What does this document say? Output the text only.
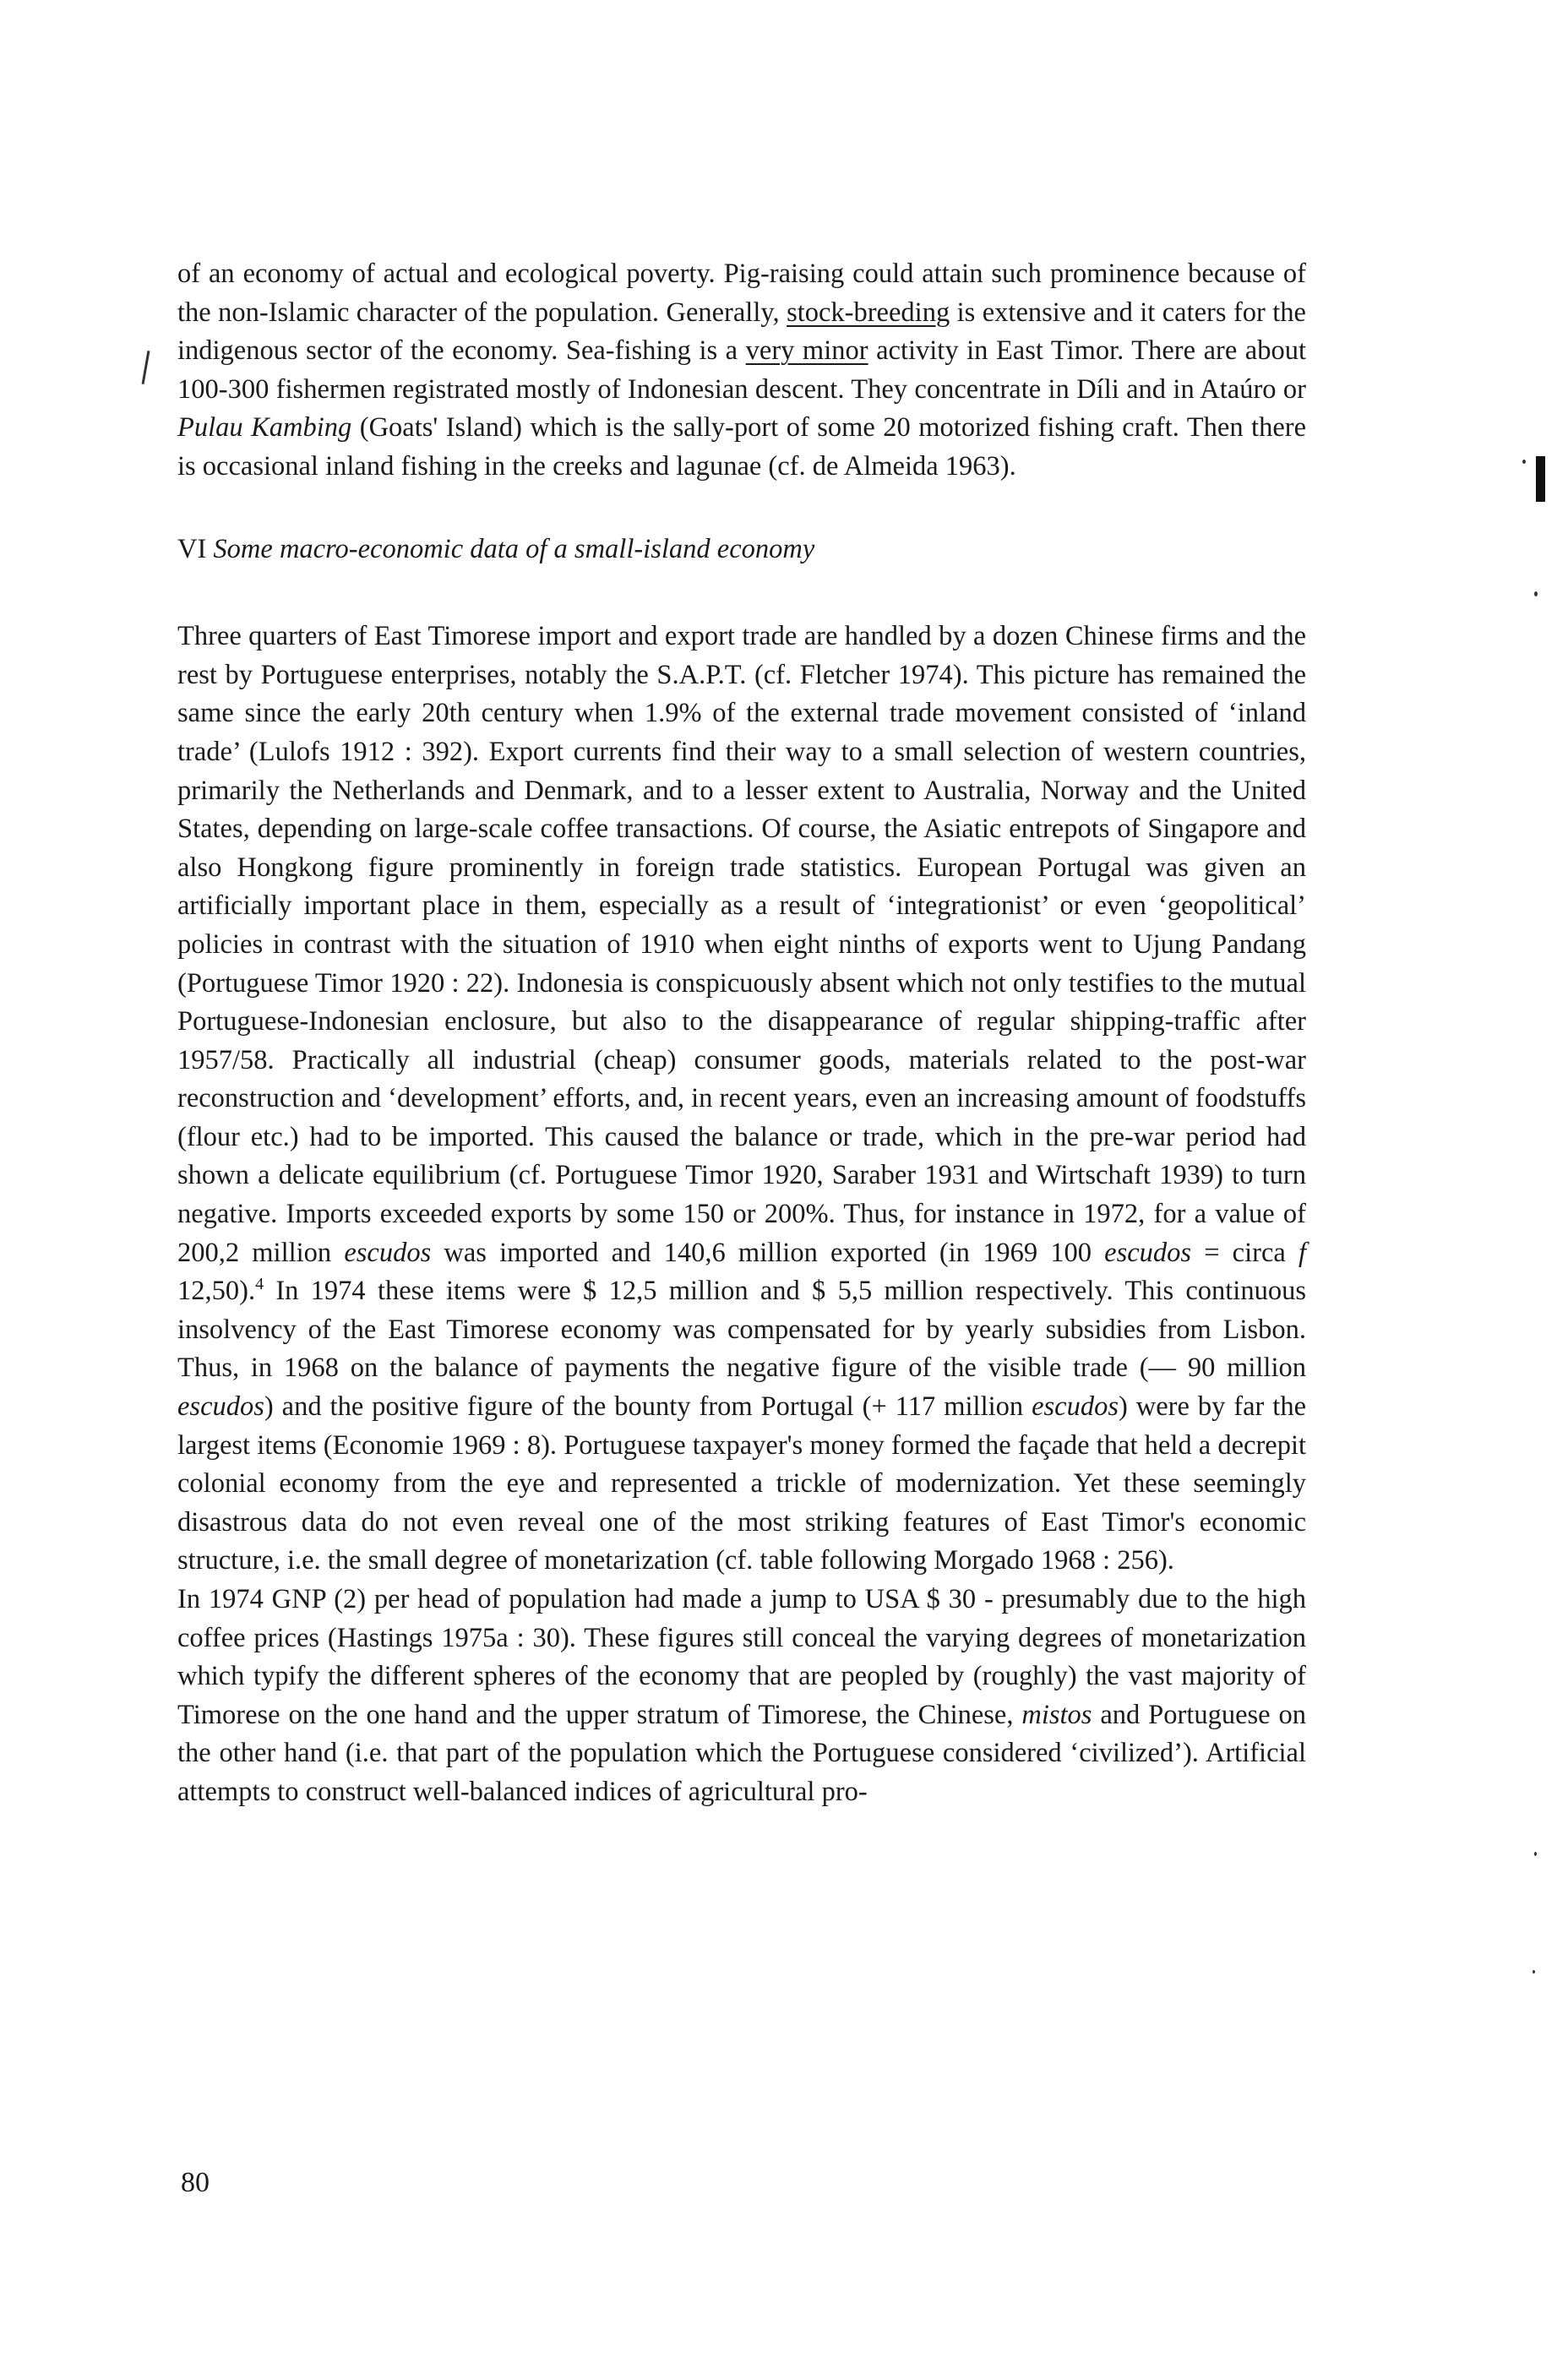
of an economy of actual and ecological poverty. Pig-raising could attain such prominence because of the non-Islamic character of the population. Generally, stock-breeding is extensive and it caters for the indigenous sector of the economy. Sea-fishing is a very minor activity in East Timor. There are about 100-300 fishermen registrated mostly of Indonesian descent. They concentrate in Díli and in Ataúro or Pulau Kambing (Goats' Island) which is the sally-port of some 20 motorized fishing craft. Then there is occasional inland fishing in the creeks and lagunae (cf. de Almeida 1963).

VI Some macro-economic data of a small-island economy

Three quarters of East Timorese import and export trade are handled by a dozen Chinese firms and the rest by Portuguese enterprises, notably the S.A.P.T. (cf. Fletcher 1974). This picture has remained the same since the early 20th century when 1.9% of the external trade movement consisted of ‘inland trade’ (Lulofs 1912 : 392). Export currents find their way to a small selection of western countries, primarily the Netherlands and Denmark, and to a lesser extent to Australia, Norway and the United States, depending on large-scale coffee transactions. Of course, the Asiatic entrepots of Singapore and also Hongkong figure prominently in foreign trade statistics. European Portugal was given an artificially important place in them, especially as a result of ‘integrationist’ or even ‘geopolitical’ policies in contrast with the situation of 1910 when eight ninths of exports went to Ujung Pandang (Portuguese Timor 1920 : 22). Indonesia is conspicuously absent which not only testifies to the mutual Portuguese-Indonesian enclosure, but also to the disappearance of regular shipping-traffic after 1957/58. Practically all industrial (cheap) consumer goods, materials related to the post-war reconstruction and ‘development’ efforts, and, in recent years, even an increasing amount of foodstuffs (flour etc.) had to be imported. This caused the balance or trade, which in the pre-war period had shown a delicate equilibrium (cf. Portuguese Timor 1920, Saraber 1931 and Wirtschaft 1939) to turn negative. Imports exceeded exports by some 150 or 200%. Thus, for instance in 1972, for a value of 200,2 million escudos was imported and 140,6 million exported (in 1969 100 escudos = circa f 12,50).$^4$ In 1974 these items were $ 12,5 million and $ 5,5 million respectively. This continuous insolvency of the East Timorese economy was compensated for by yearly subsidies from Lisbon. Thus, in 1968 on the balance of payments the negative figure of the visible trade (— 90 million escudos) and the positive figure of the bounty from Portugal (+ 117 million escudos) were by far the largest items (Economie 1969 : 8). Portuguese taxpayer's money formed the façade that held a decrepit colonial economy from the eye and represented a trickle of modernization. Yet these seemingly disastrous data do not even reveal one of the most striking features of East Timor's economic structure, i.e. the small degree of monetarization (cf. table following Morgado 1968 : 256).

In 1974 GNP (2) per head of population had made a jump to USA $ 30 - presumably due to the high coffee prices (Hastings 1975a : 30). These figures still conceal the varying degrees of monetarization which typify the different spheres of the economy that are peopled by (roughly) the vast majority of Timorese on the one hand and the upper stratum of Timorese, the Chinese, mistos and Portuguese on the other hand (i.e. that part of the population which the Portuguese considered ‘civilized’). Artificial attempts to construct well-balanced indices of agricultural pro-

80
